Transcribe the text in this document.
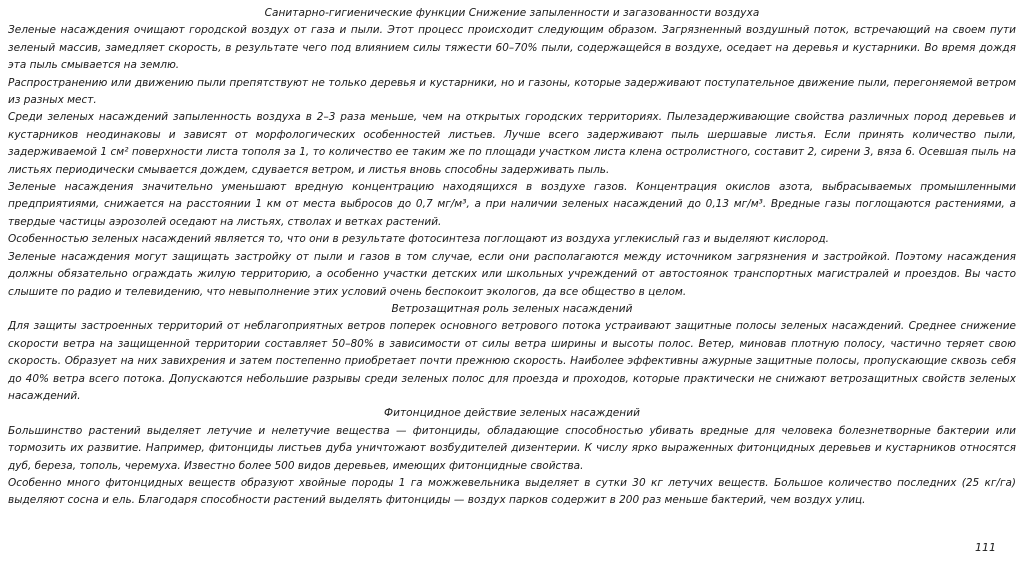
Санитарно-гигиенические функции Снижение запыленности и загазованности воздуха

Зеленые насаждения очищают городской воздух от газа и пыли. Этот процесс происходит следующим образом. Загрязненный воздушный поток, встречающий на своем пути зеленый массив, замедляет скорость, в результате чего под влиянием силы тяжести 60–70% пыли, содержащейся в воздухе, оседает на деревья и кустарники. Во время дождя эта пыль смывается на землю.

Распространению или движению пыли препятствуют не только деревья и кустарники, но и газоны, которые задерживают поступательное движение пыли, перегоняемой ветром из разных мест.

Среди зеленых насаждений запыленность воздуха в 2–3 раза меньше, чем на открытых городских территориях. Пылезадерживающие свойства различных пород деревьев и кустарников неодинаковы и зависят от морфологических особенностей листьев. Лучше всего задерживают пыль шершавые листья. Если принять количество пыли, задерживаемой 1 см² поверхности листа тополя за 1, то количество ее таким же по площади участком листа клена остролистного, составит 2, сирени 3, вяза 6. Осевшая пыль на листьях периодически смывается дождем, сдувается ветром, и листья вновь способны задерживать пыль.

Зеленые насаждения значительно уменьшают вредную концентрацию находящихся в воздухе газов. Концентрация окислов азота, выбрасываемых промышленными предприятиями, снижается на расстоянии 1 км от места выбросов до 0,7 мг/м³, а при наличии зеленых насаждений до 0,13 мг/м³. Вредные газы поглощаются растениями, а твердые частицы аэрозолей оседают на листьях, стволах и ветках растений.

Особенностью зеленых насаждений является то, что они в результате фотосинтеза поглощают из воздуха углекислый газ и выделяют кислород.

Зеленые насаждения могут защищать застройку от пыли и газов в том случае, если они располагаются между источником загрязнения и застройкой. Поэтому насаждения должны обязательно ограждать жилую территорию, а особенно участки детских или школьных учреждений от автостоянок транспортных магистралей и проездов. Вы часто слышите по радио и телевидению, что невыполнение этих условий очень беспокоит экологов, да все общество в целом.

Ветрозащитная роль зеленых насаждений

Для защиты застроенных территорий от неблагоприятных ветров поперек основного ветрового потока устраивают защитные полосы зеленых насаждений. Среднее снижение скорости ветра на защищенной территории составляет 50–80% в зависимости от силы ветра ширины и высоты полос. Ветер, миновав плотную полосу, частично теряет свою скорость. Образует на них завихрения и затем постепенно приобретает почти прежнюю скорость. Наиболее эффективны ажурные защитные полосы, пропускающие сквозь себя до 40% ветра всего потока. Допускаются небольшие разрывы среди зеленых полос для проезда и проходов, которые практически не снижают ветрозащитных свойств зеленых насаждений.

Фитонцидное действие зеленых насаждений

Большинство растений выделяет летучие и нелетучие вещества — фитонциды, обладающие способностью убивать вредные для человека болезнетворные бактерии или тормозить их развитие. Например, фитонциды листьев дуба уничтожают возбудителей дизентерии. К числу ярко выраженных фитонцидных деревьев и кустарников относятся дуб, береза, тополь, черемуха. Известно более 500 видов деревьев, имеющих фитонцидные свойства.

Особенно много фитонцидных веществ образуют хвойные породы 1 га можжевельника выделяет в сутки 30 кг летучих веществ. Большое количество последних (25 кг/га) выделяют сосна и ель. Благодаря способности растений выделять фитонциды — воздух парков содержит в 200 раз меньше бактерий, чем воздух улиц.

111
